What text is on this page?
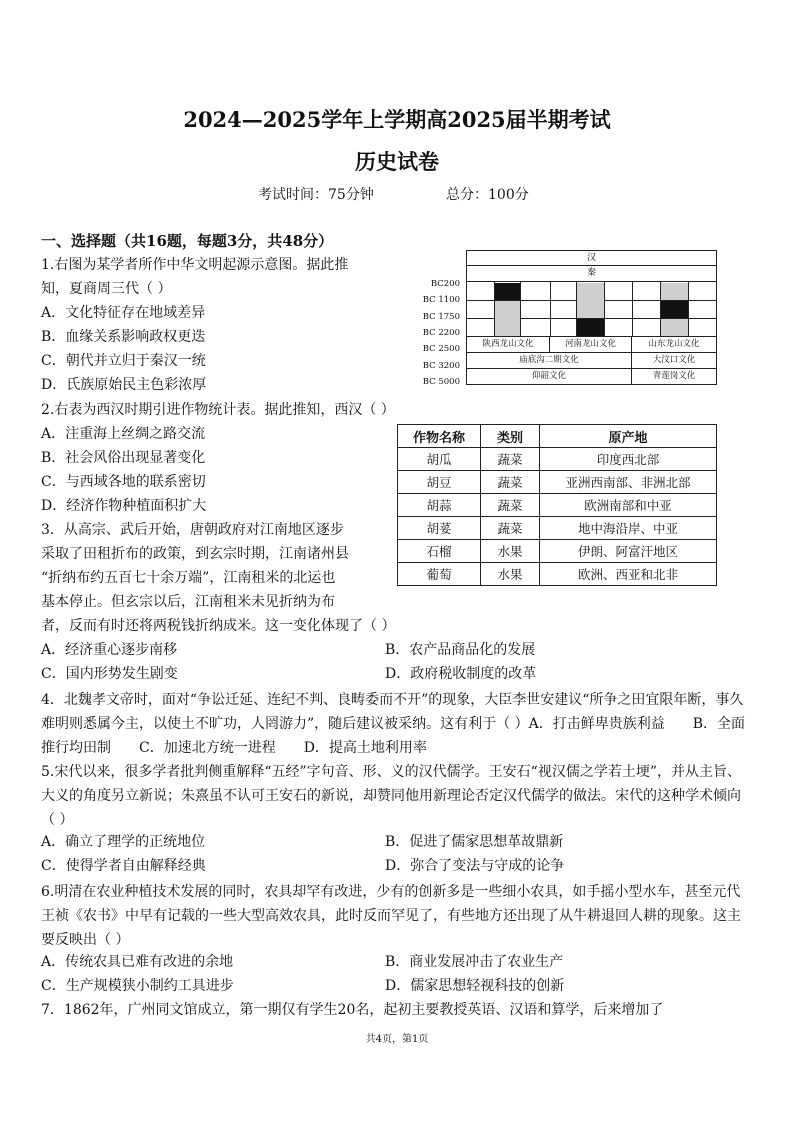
2024—2025学年上学期高2025届半期考试
历史试卷
考试时间：75分钟	总分：100分
一、选择题（共16题，每题3分，共48分）
1.右图为某学者所作中华文明起源示意图。据此推
知，夏商周三代（ ）
A．文化特征存在地域差异
B．血缘关系影响政权更迭
C．朝代并立归于秦汉一统
D．氏族原始民主色彩浓厚
汉
秦
BC200
BC 1100
BC 1750
BC 2200
BC 2500
BC 3200
BC 5000
陕西龙山文化	河南龙山文化	山东龙山文化
庙底沟二期文化	大汶口文化
仰韶文化	青莲岗文化
2.右表为西汉时期引进作物统计表。据此推知，西汉（ ）
A．注重海上丝绸之路交流
B．社会风俗出现显著变化
C．与西域各地的联系密切
D．经济作物种植面积扩大
作物名称	类别	原产地
胡瓜	蔬菜	印度西北部
胡豆	蔬菜	亚洲西南部、非洲北部
胡蒜	蔬菜	欧洲南部和中亚
胡荽	蔬菜	地中海沿岸、中亚
石榴	水果	伊朗、阿富汗地区
葡萄	水果	欧洲、西亚和北非
3．从高宗、武后开始，唐朝政府对江南地区逐步
采取了田租折布的政策，到玄宗时期，江南诸州县
“折纳布约五百七十余万端”，江南租米的北运也
基本停止。但玄宗以后，江南租米未见折纳为布
者，反而有时还将两税钱折纳成米。这一变化体现了（ ）
A．经济重心逐步南移	B．农产品商品化的发展
C．国内形势发生剧变	D．政府税收制度的改革
4．北魏孝文帝时，面对“争讼迁延、连纪不判、良畴委而不开”的现象，大臣李世安建议“所争之田宜限年断，事久难明则悉属今主，以使土不旷功，人罔游力”，随后建议被采纳。这有利于（ ）A．打击鲜卑贵族利益　　B．全面推行均田制　　C．加速北方统一进程　　D．提高土地利用率
5.宋代以来，很多学者批判侧重解释“五经”字句音、形、义的汉代儒学。王安石“视汉儒之学若土埂”，并从主旨、大义的角度另立新说；朱熹虽不认可王安石的新说，却赞同他用新理论否定汉代儒学的做法。宋代的这种学术倾向（ ）
A．确立了理学的正统地位	B．促进了儒家思想革故鼎新
C．使得学者自由解释经典	D．弥合了变法与守成的论争
6.明清在农业种植技术发展的同时，农具却罕有改进，少有的创新多是一些细小农具，如手摇小型水车，甚至元代王祯《农书》中早有记载的一些大型高效农具，此时反而罕见了，有些地方还出现了从牛耕退回人耕的现象。这主要反映出（ ）
A．传统农具已难有改进的余地	B．商业发展冲击了农业生产
C．生产规模狭小制约工具进步	D．儒家思想轻视科技的创新
7．1862年，广州同文馆成立，第一期仅有学生20名，起初主要教授英语、汉语和算学，后来增加了
共4页，第1页
